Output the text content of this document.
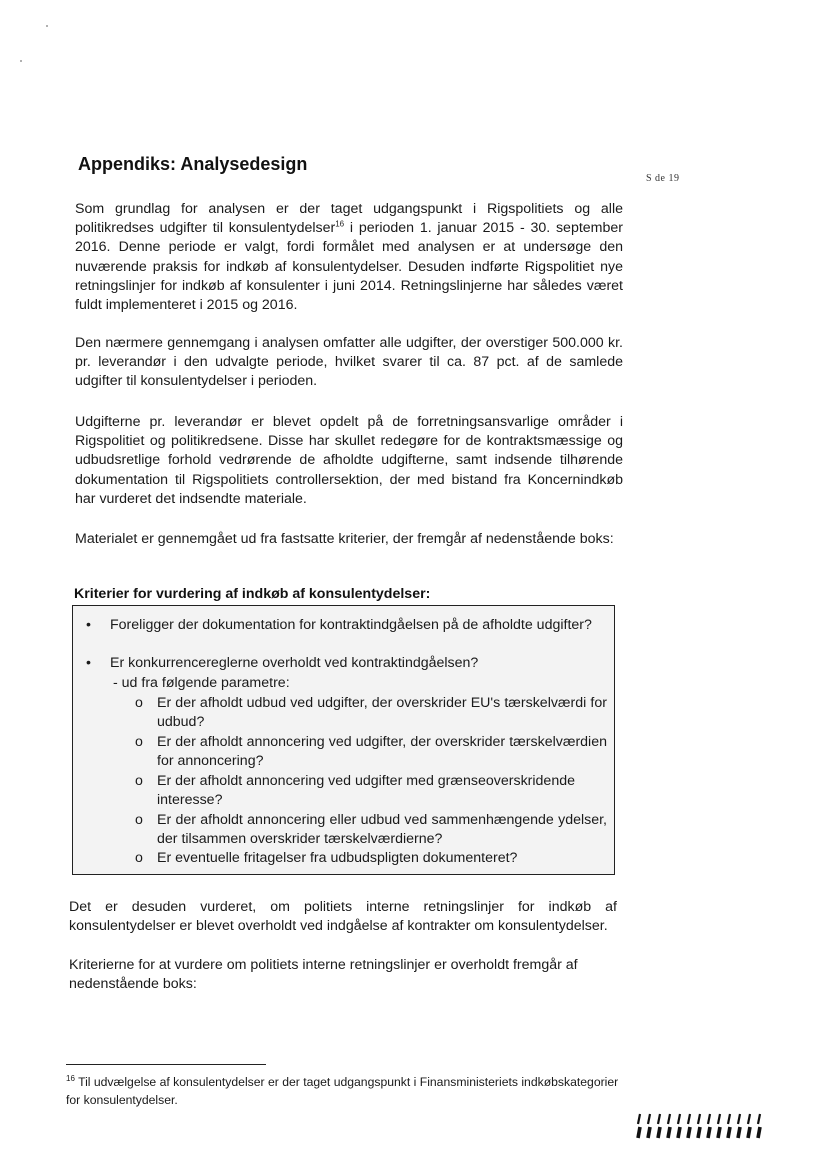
S de 19
Appendiks: Analysedesign

Som grundlag for analysen er der taget udgangspunkt i Rigspolitiets og alle politikredses udgifter til konsulentydelser$^{16}$ i perioden 1. januar 2015 - 30. september 2016. Denne periode er valgt, fordi formålet med analysen er at undersøge den nuværende praksis for indkøb af konsulentydelser. Desuden indførte Rigspolitiet nye retningslinjer for indkøb af konsulenter i juni 2014. Retningslinjerne har således været fuldt implementeret i 2015 og 2016.

Den nærmere gennemgang i analysen omfatter alle udgifter, der overstiger 500.000 kr. pr. leverandør i den udvalgte periode, hvilket svarer til ca. 87 pct. af de samlede udgifter til konsulentydelser i perioden.

Udgifterne pr. leverandør er blevet opdelt på de forretningsansvarlige områder i Rigspolitiet og politikredsene. Disse har skullet redegøre for de kontraktsmæssige og udbudsretlige forhold vedrørende de afholdte udgifterne, samt indsende tilhørende dokumentation til Rigspolitiets controllersektion, der med bistand fra Koncernindkøb har vurderet det indsendte materiale.

Materialet er gennemgået ud fra fastsatte kriterier, der fremgår af nedenstående boks:

Kriterier for vurdering af indkøb af konsulentydelser:
• Foreligger der dokumentation for kontraktindgåelsen på de afholdte udgifter?
• Er konkurrencereglerne overholdt ved kontraktindgåelsen?
- ud fra følgende parametre:
o Er der afholdt udbud ved udgifter, der overskrider EU's tærskelværdi for udbud?
o Er der afholdt annoncering ved udgifter, der overskrider tærskelværdien for annoncering?
o Er der afholdt annoncering ved udgifter med grænseoverskridende interesse?
o Er der afholdt annoncering eller udbud ved sammenhængende ydelser, der tilsammen overskrider tærskelværdierne?
o Er eventuelle fritagelser fra udbudspligten dokumenteret?

Det er desuden vurderet, om politiets interne retningslinjer for indkøb af konsulentydelser er blevet overholdt ved indgåelse af kontrakter om konsulentydelser.

Kriterierne for at vurdere om politiets interne retningslinjer er overholdt fremgår af nedenstående boks:

$^{16}$ Til udvælgelse af konsulentydelser er der taget udgangspunkt i Finansministeriets indkøbskategorier for konsulentydelser.
